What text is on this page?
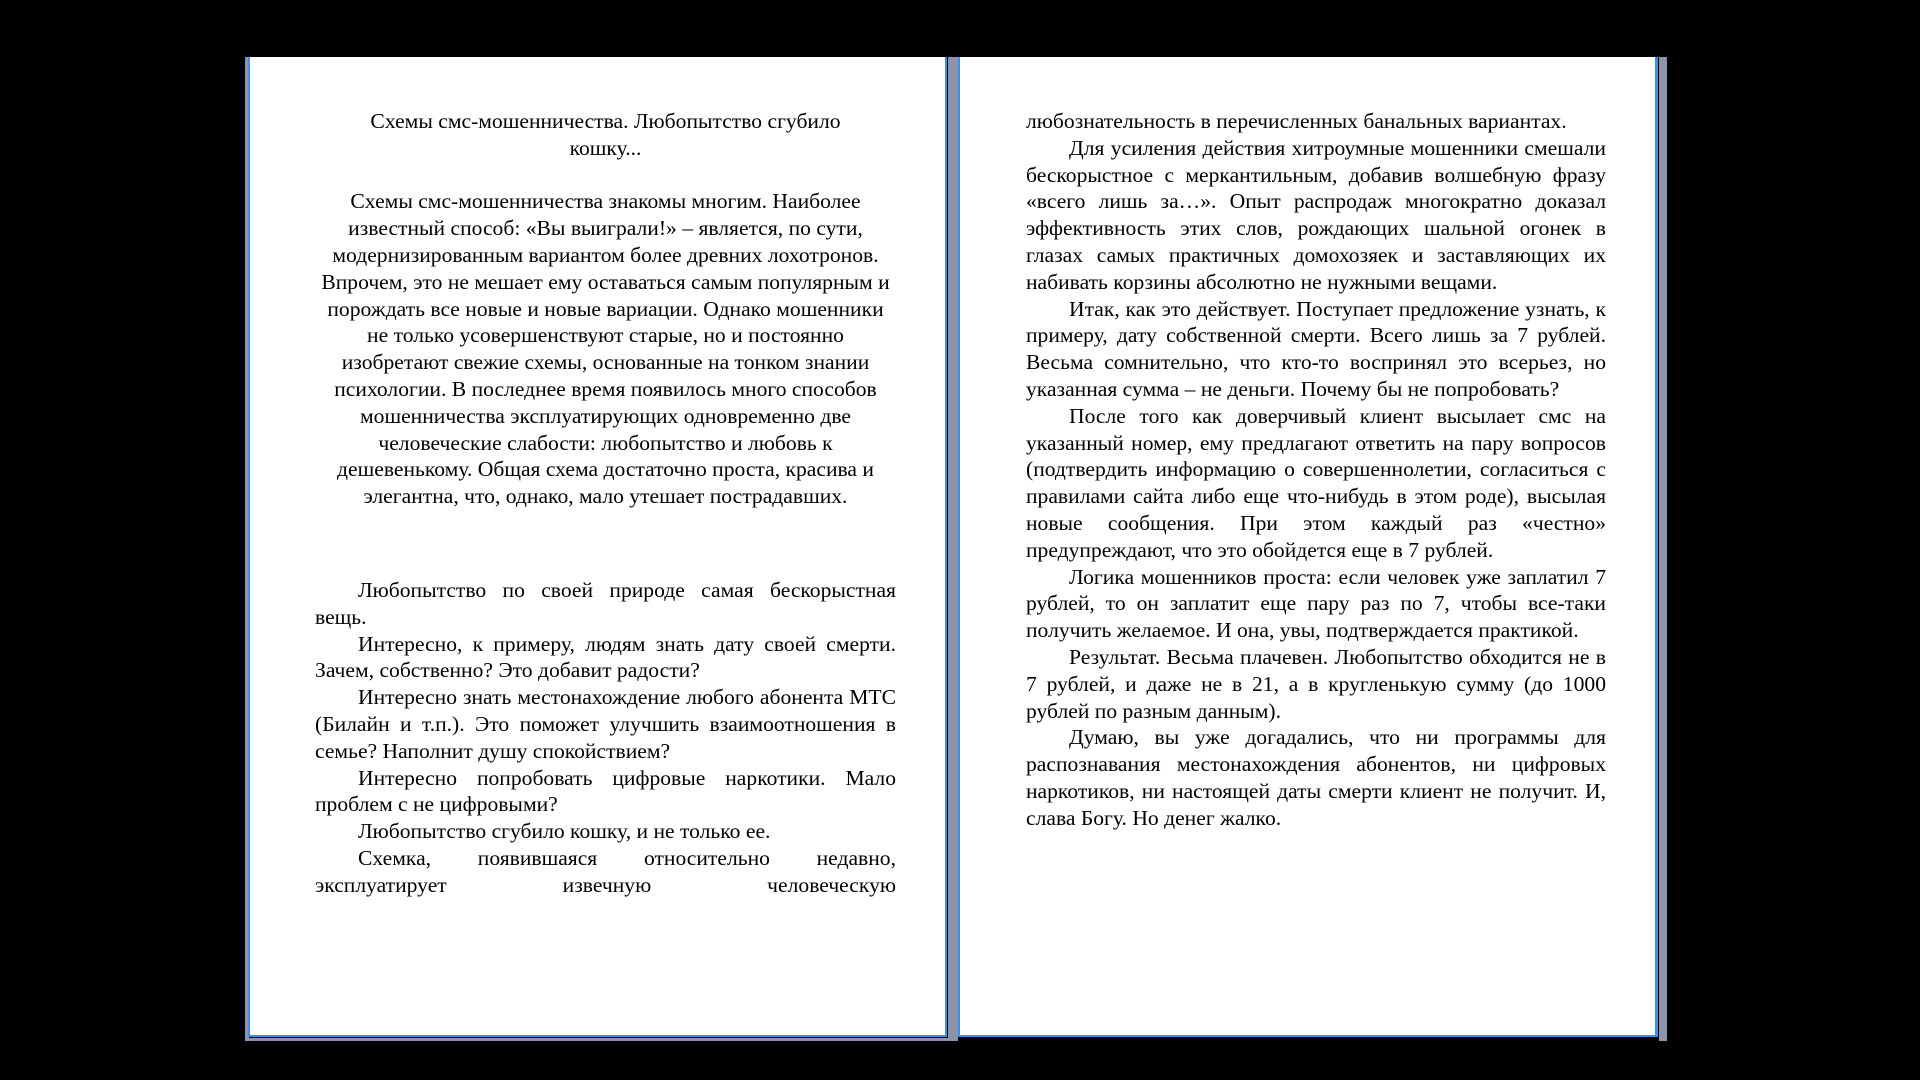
Схемы смс-мошенничества. Любопытство сгубило кошку...

Схемы смс-мошенничества знакомы многим. Наиболее известный способ: «Вы выиграли!» – является, по сути, модернизированным вариантом более древних лохотронов. Впрочем, это не мешает ему оставаться самым популярным и порождать все новые и новые вариации. Однако мошенники не только усовершенствуют старые, но и постоянно изобретают свежие схемы, основанные на тонком знании психологии. В последнее время появилось много способов мошенничества эксплуатирующих одновременно две человеческие слабости: любопытство и любовь к дешевенькому. Общая схема достаточно проста, красива и элегантна, что, однако, мало утешает пострадавших.

Любопытство по своей природе самая бескорыстная вещь.

Интересно, к примеру, людям знать дату своей смерти. Зачем, собственно? Это добавит радости?

Интересно знать местонахождение любого абонента МТС (Билайн и т.п.). Это поможет улучшить взаимоотношения в семье? Наполнит душу спокойствием?

Интересно попробовать цифровые наркотики. Мало проблем с не цифровыми?

Любопытство сгубило кошку, и не только ее.

Схемка, появившаяся относительно недавно, эксплуатирует извечную человеческую

любознательность в перечисленных банальных вариантах.

Для усиления действия хитроумные мошенники смешали бескорыстное с меркантильным, добавив волшебную фразу «всего лишь за…». Опыт распродаж многократно доказал эффективность этих слов, рождающих шальной огонек в глазах самых практичных домохозяек и заставляющих их набивать корзины абсолютно не нужными вещами.

Итак, как это действует. Поступает предложение узнать, к примеру, дату собственной смерти. Всего лишь за 7 рублей. Весьма сомнительно, что кто-то воспринял это всерьез, но указанная сумма – не деньги. Почему бы не попробовать?

После того как доверчивый клиент высылает смс на указанный номер, ему предлагают ответить на пару вопросов (подтвердить информацию о совершеннолетии, согласиться с правилами сайта либо еще что-нибудь в этом роде), высылая новые сообщения. При этом каждый раз «честно» предупреждают, что это обойдется еще в 7 рублей.

Логика мошенников проста: если человек уже заплатил 7 рублей, то он заплатит еще пару раз по 7, чтобы все-таки получить желаемое. И она, увы, подтверждается практикой.

Результат. Весьма плачевен. Любопытство обходится не в 7 рублей, и даже не в 21, а в кругленькую сумму (до 1000 рублей по разным данным).

Думаю, вы уже догадались, что ни программы для распознавания местонахождения абонентов, ни цифровых наркотиков, ни настоящей даты смерти клиент не получит. И, слава Богу. Но денег жалко.
